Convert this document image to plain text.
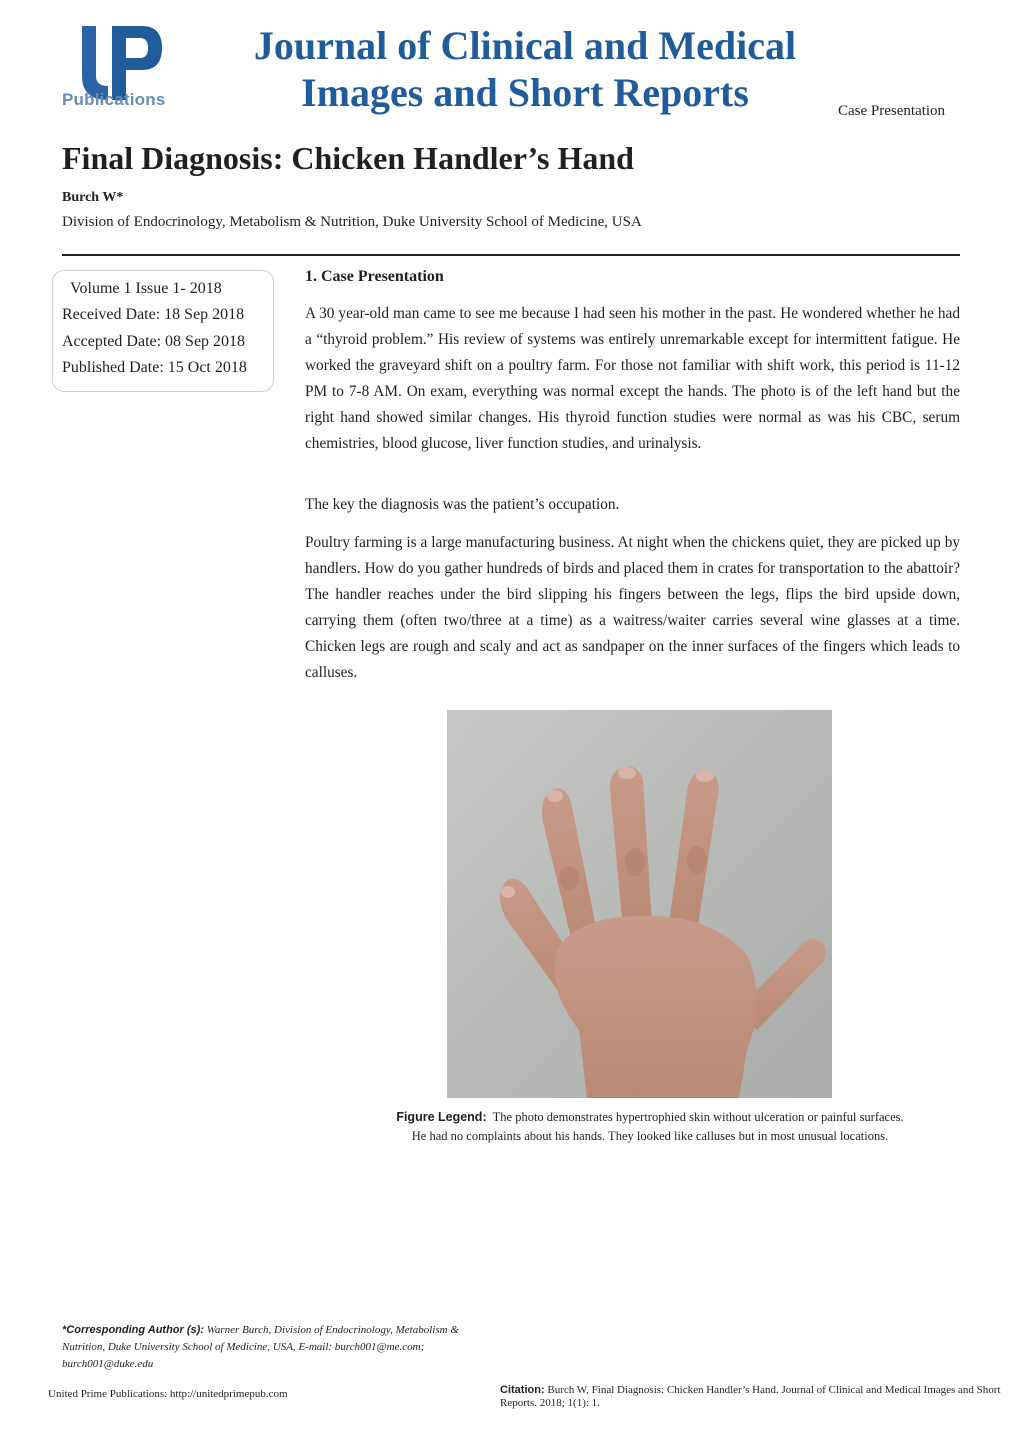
Publications
Journal of Clinical and Medical
Images and Short Reports	Case Presentation
Final Diagnosis: Chicken Handler’s Hand
Burch W*
Division of Endocrinology, Metabolism & Nutrition, Duke University School of Medicine, USA
Volume 1 Issue 1- 2018
Received Date: 18 Sep 2018
Accepted Date: 08 Sep 2018
Published Date: 15 Oct 2018
1. Case Presentation

A 30 year-old man came to see me because I had seen his mother in the past. He wondered whether he had a “thyroid problem.” His review of systems was entirely unremarkable except for intermittent fatigue. He worked the graveyard shift on a poultry farm. For those not familiar with shift work, this period is 11-12 PM to 7-8 AM. On exam, everything was normal except the hands. The photo is of the left hand but the right hand showed similar changes. His thyroid function studies were normal as was his CBC, serum chemistries, blood glucose, liver function studies, and urinalysis.

The key the diagnosis was the patient’s occupation.

Poultry farming is a large manufacturing business. At night when the chickens quiet, they are picked up by handlers. How do you gather hundreds of birds and placed them in crates for transportation to the abattoir? The handler reaches under the bird slipping his fingers between the legs, flips the bird upside down, carrying them (often two/three at a time) as a waitress/waiter carries several wine glasses at a time. Chicken legs are rough and scaly and act as sandpaper on the inner surfaces of the fingers which leads to calluses.

Figure Legend: The photo demonstrates hypertrophied skin without ulceration or painful surfaces.
He had no complaints about his hands. They looked like calluses but in most unusual locations.
*Corresponding Author (s): Warner Burch, Division of Endocrinology, Metabolism & Nutrition, Duke University School of Medicine, USA, E-mail: burch001@me.com; burch001@duke.edu
United Prime Publications: http://unitedprimepub.com	Citation: Burch W, Final Diagnosis: Chicken Handler’s Hand. Journal of Clinical and Medical Images and Short Reports. 2018; 1(1): 1.
